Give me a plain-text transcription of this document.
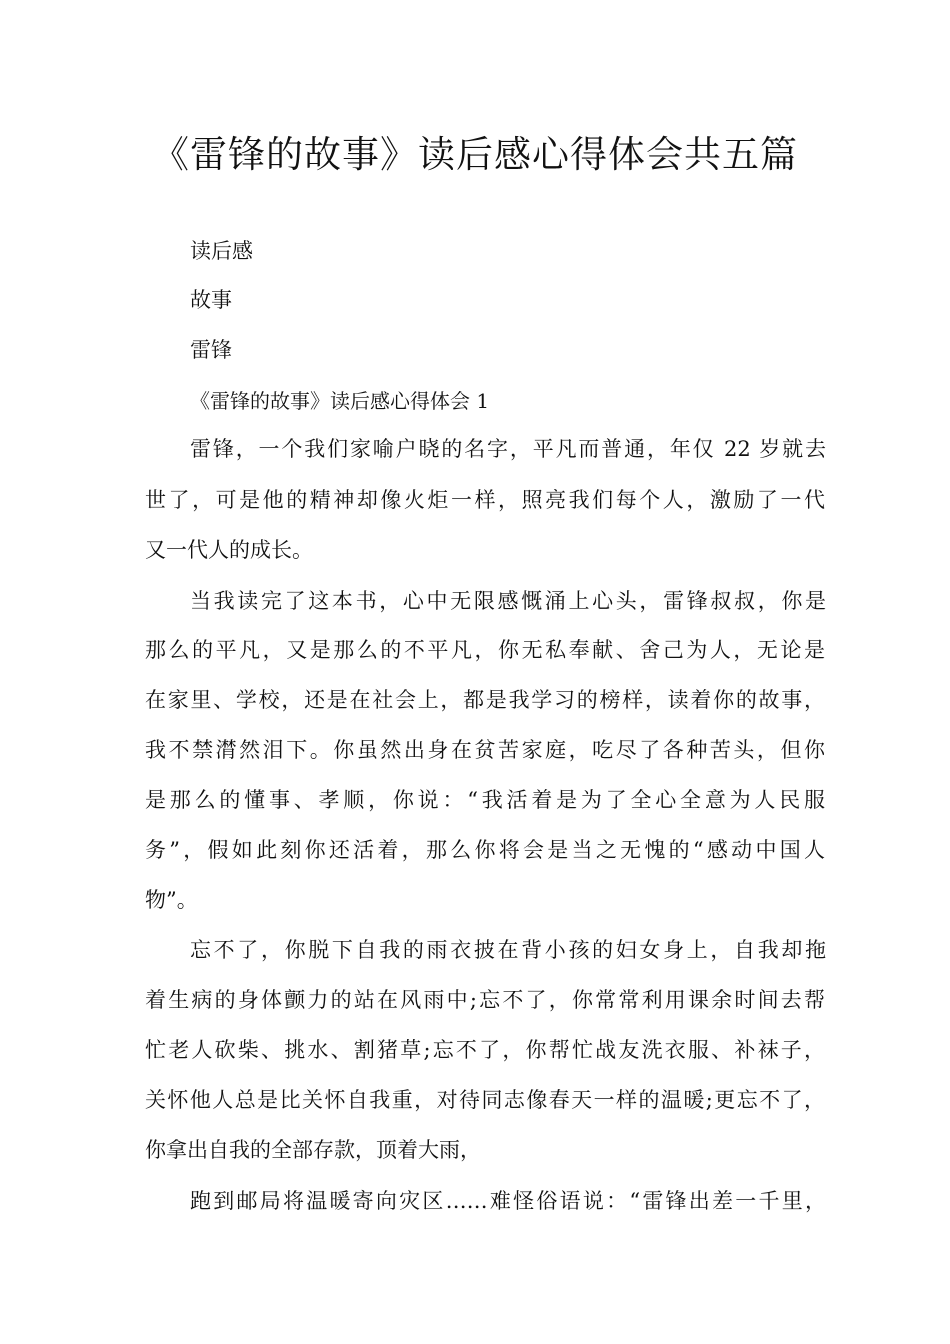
《雷锋的故事》读后感心得体会共五篇

读后感

故事

雷锋

《雷锋的故事》读后感心得体会 1

雷锋，一个我们家喻户晓的名字，平凡而普通，年仅 22 岁就去

世了，可是他的精神却像火炬一样，照亮我们每个人，激励了一代

又一代人的成长。

当我读完了这本书，心中无限感慨涌上心头，雷锋叔叔，你是

那么的平凡，又是那么的不平凡，你无私奉献、舍己为人，无论是

在家里、学校，还是在社会上，都是我学习的榜样，读着你的故事，

我不禁潸然泪下。你虽然出身在贫苦家庭，吃尽了各种苦头，但你

是那么的懂事、孝顺，你说：“我活着是为了全心全意为人民服

务”，假如此刻你还活着，那么你将会是当之无愧的“感动中国人

物”。

忘不了，你脱下自我的雨衣披在背小孩的妇女身上，自我却拖

着生病的身体颤力的站在风雨中;忘不了，你常常利用课余时间去帮

忙老人砍柴、挑水、割猪草;忘不了，你帮忙战友洗衣服、补袜子，

关怀他人总是比关怀自我重，对待同志像春天一样的温暖;更忘不了，

你拿出自我的全部存款，顶着大雨，

跑到邮局将温暖寄向灾区……难怪俗语说：“雷锋出差一千里，
